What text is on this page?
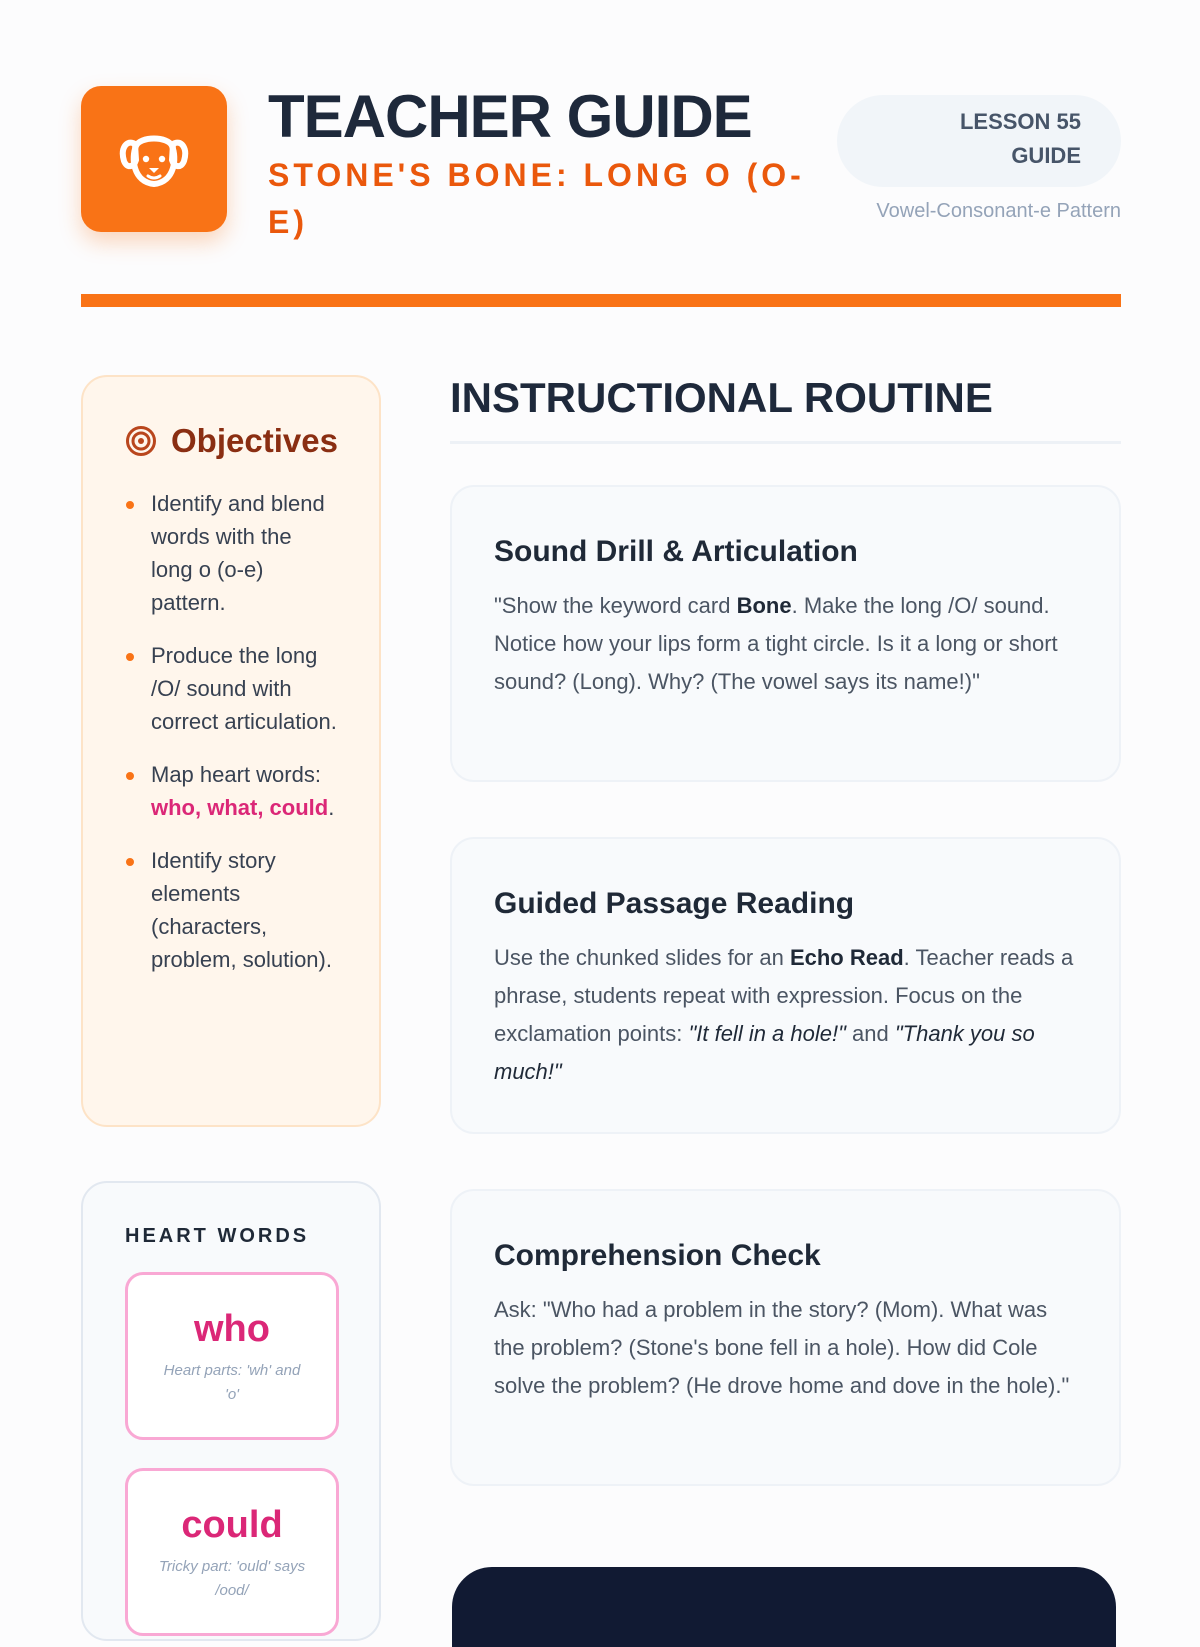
TEACHER GUIDE
STONE'S BONE: LONG O (O-E)
LESSON 55
GUIDE
Vowel-Consonant-e Pattern
Objectives
Identify and blend words with the long o (o-e) pattern.
Produce the long /O/ sound with correct articulation.
Map heart words: who, what, could.
Identify story elements (characters, problem, solution).
HEART WORDS
who
Heart parts: 'wh' and 'o'
could
Tricky part: 'ould' says /ood/
INSTRUCTIONAL ROUTINE
Sound Drill & Articulation

"Show the keyword card Bone. Make the long /O/ sound. Notice how your lips form a tight circle. Is it a long or short sound? (Long). Why? (The vowel says its name!)"

Guided Passage Reading

Use the chunked slides for an Echo Read. Teacher reads a phrase, students repeat with expression. Focus on the exclamation points: "It fell in a hole!" and "Thank you so much!"

Comprehension Check

Ask: "Who had a problem in the story? (Mom). What was the problem? (Stone's bone fell in a hole). How did Cole solve the problem? (He drove home and dove in the hole)."
